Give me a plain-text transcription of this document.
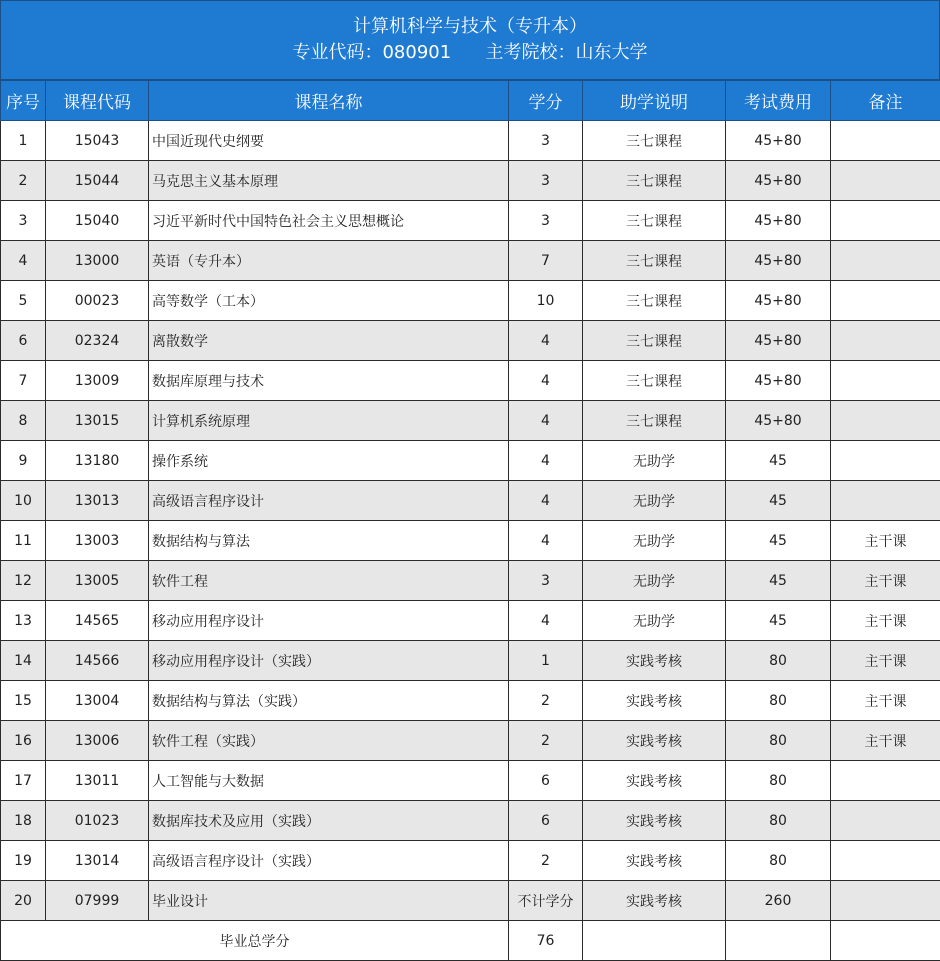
计算机科学与技术（专升本）
专业代码：080901      主考院校：山东大学
序号	课程代码	课程名称	学分	助学说明	考试费用	备注
1	15043	中国近现代史纲要	3	三七课程	45+80	
2	15044	马克思主义基本原理	3	三七课程	45+80	
3	15040	习近平新时代中国特色社会主义思想概论	3	三七课程	45+80	
4	13000	英语（专升本）	7	三七课程	45+80	
5	00023	高等数学（工本）	10	三七课程	45+80	
6	02324	离散数学	4	三七课程	45+80	
7	13009	数据库原理与技术	4	三七课程	45+80	
8	13015	计算机系统原理	4	三七课程	45+80	
9	13180	操作系统	4	无助学	45	
10	13013	高级语言程序设计	4	无助学	45	
11	13003	数据结构与算法	4	无助学	45	主干课
12	13005	软件工程	3	无助学	45	主干课
13	14565	移动应用程序设计	4	无助学	45	主干课
14	14566	移动应用程序设计（实践）	1	实践考核	80	主干课
15	13004	数据结构与算法（实践）	2	实践考核	80	主干课
16	13006	软件工程（实践）	2	实践考核	80	主干课
17	13011	人工智能与大数据	6	实践考核	80	
18	01023	数据库技术及应用（实践）	6	实践考核	80	
19	13014	高级语言程序设计（实践）	2	实践考核	80	
20	07999	毕业设计	不计学分	实践考核	260	
毕业总学分			76			
